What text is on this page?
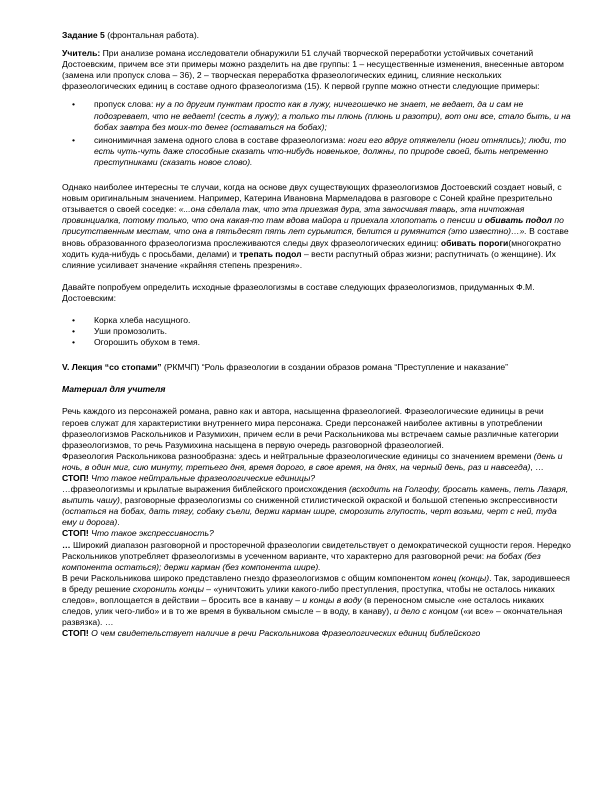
Задание 5 (фронтальная работа).

Учитель: При анализе романа исследователи обнаружили 51 случай творческой переработки устойчивых сочетаний Достоевским, причем все эти примеры можно разделить на две группы: 1 – несущественные изменения, внесенные автором (замена или пропуск слова – 36), 2 – творческая переработка фразеологических единиц, слияние нескольких фразеологических единиц в составе одного фразеологизма (15). К первой группе можно отнести следующие примеры:

• пропуск слова: ну а по другим пунктам просто как в лужу, ничегошечко не знает, не ведает, да и сам не подозревает, что не ведает! (сесть в лужу); а только ты плюнь (плюнь и разотри), вот они все, стало быть, и на бобах завтра без моих-то денег (оставаться на бобах);
• синонимичная замена одного слова в составе фразеологизма: ноги его вдруг отяжелели (ноги отнялись); люди, то есть чуть-чуть даже способные сказать что-нибудь новенькое, должны, по природе своей, быть непременно преступниками (сказать новое слово).

Однако наиболее интересны те случаи, когда на основе двух существующих фразеологизмов Достоевский создает новый, с новым оригинальным значением. Например, Катерина Ивановна Мармеладова в разговоре с Соней крайне презрительно отзывается о своей соседке: «...она сделала так, что эта приезжая дура, эта заносчивая тварь, эта ничтожная провинциалка, потому только, что она какая-то там вдова майора и приехала хлопотать о пенсии и обивать подол по присутственным местам, что она в пятьдесят пять лет сурьмится, белится и румянится (это известно)…». В составе вновь образованного фразеологизма прослеживаются следы двух фразеологических единиц: обивать пороги(многократно ходить куда-нибудь с просьбами, делами) и трепать подол – вести распутный образ жизни; распутничать (о женщине). Их слияние усиливает значение «крайняя степень презрения».

Давайте попробуем определить исходные фразеологизмы в составе следующих фразеологизмов, придуманных Ф.М. Достоевским:

• Корка хлеба насущного.
• Уши промозолить.
• Огорошить обухом в темя.

V. Лекция “со стопами” (РКМЧП) “Роль фразеологии в создании образов романа “Преступление и наказание”

Материал для учителя

Речь каждого из персонажей романа, равно как и автора, насыщенна фразеологией. Фразеологические единицы в речи героев служат для характеристики внутреннего мира персонажа. Среди персонажей наиболее активны в употреблении фразеологизмов Раскольников и Разумихин, причем если в речи Раскольникова мы встречаем самые различные категории фразеологизмов, то речь Разумихина насыщена в первую очередь разговорной фразеологией.

Фразеология Раскольникова разнообразна: здесь и нейтральные фразеологические единицы со значением времени (день и ночь, в один миг, сию минуту, третьего дня, время дорого, в свое время, на днях, на черный день, раз и навсегда), …

СТОП! Что такое нейтральные фразеологические единицы?

…фразеологизмы и крылатые выражения библейского происхождения (всходить на Голгофу, бросать камень, петь Лазаря, выпить чашу), разговорные фразеологизмы со сниженной стилистической окраской и большой степенью экспрессивности (остаться на бобах, дать тягу, собаку съели, держи карман шире, сморозить глупость, черт возьми, черт с ней, туда ему и дорога).

СТОП! Что такое экспрессивность?

… Широкий диапазон разговорной и просторечной фразеологии свидетельствует о демократической сущности героя. Нередко Раскольников употребляет фразеологизмы в усеченном варианте, что характерно для разговорной речи: на бобах (без компонента остаться); держи карман (без компонента шире).

В речи Раскольникова широко представлено гнездо фразеологизмов с общим компонентом конец (концы). Так, зародившееся в бреду решение схоронить концы – «уничтожить улики какого-либо преступления, проступка, чтобы не осталось никаких следов», воплощается в действии – бросить все в канаву – и концы в воду (в переносном смысле «не осталось никаких следов, улик чего-либо» и в то же время в буквальном смысле – в воду, в канаву), и дело с концом («и все» – окончательная развязка). …

СТОП! О чем свидетельствует наличие в речи Раскольникова Фразеологических единиц библейского
